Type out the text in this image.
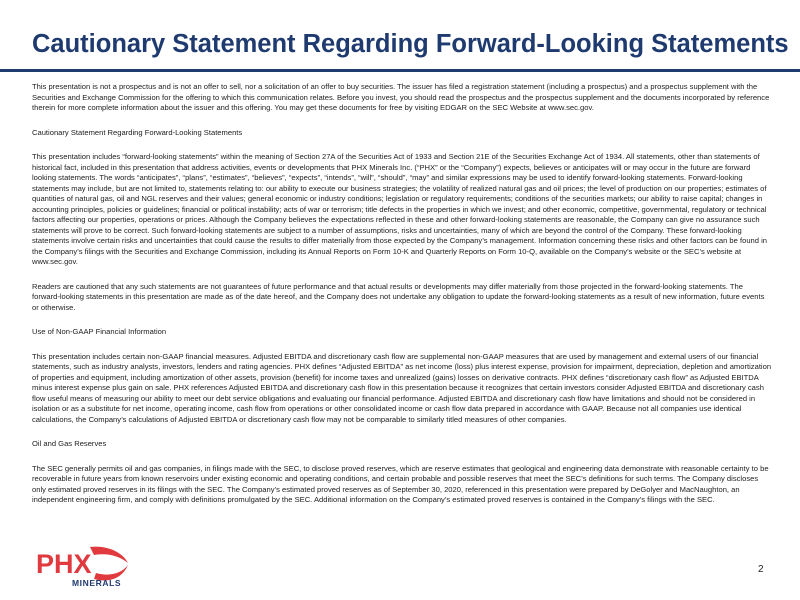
Cautionary Statement Regarding Forward-Looking Statements

This presentation is not a prospectus and is not an offer to sell, nor a solicitation of an offer to buy securities. The issuer has filed a registration statement (including a prospectus) and a prospectus supplement with the Securities and Exchange Commission for the offering to which this communication relates. Before you invest, you should read the prospectus and the prospectus supplement and the documents incorporated by reference therein for more complete information about the issuer and this offering. You may get these documents for free by visiting EDGAR on the SEC Website at www.sec.gov.

Cautionary Statement Regarding Forward-Looking Statements

This presentation includes “forward-looking statements” within the meaning of Section 27A of the Securities Act of 1933 and Section 21E of the Securities Exchange Act of 1934. All statements, other than statements of historical fact, included in this presentation that address activities, events or developments that PHX Minerals Inc. (“PHX” or the “Company”) expects, believes or anticipates will or may occur in the future are forward looking statements. The words “anticipates”, “plans”, “estimates”, “believes”, “expects”, “intends”, “will”, “should”, “may” and similar expressions may be used to identify forward-looking statements. Forward-looking statements may include, but are not limited to, statements relating to: our ability to execute our business strategies; the volatility of realized natural gas and oil prices; the level of production on our properties; estimates of quantities of natural gas, oil and NGL reserves and their values; general economic or industry conditions; legislation or regulatory requirements; conditions of the securities markets; our ability to raise capital; changes in accounting principles, policies or guidelines; financial or political instability; acts of war or terrorism; title defects in the properties in which we invest; and other economic, competitive, governmental, regulatory or technical factors affecting our properties, operations or prices. Although the Company believes the expectations reflected in these and other forward-looking statements are reasonable, the Company can give no assurance such statements will prove to be correct. Such forward-looking statements are subject to a number of assumptions, risks and uncertainties, many of which are beyond the control of the Company. These forward-looking statements involve certain risks and uncertainties that could cause the results to differ materially from those expected by the Company’s management. Information concerning these risks and other factors can be found in the Company’s filings with the Securities and Exchange Commission, including its Annual Reports on Form 10-K and Quarterly Reports on Form 10-Q, available on the Company’s website or the SEC’s website at www.sec.gov.

Readers are cautioned that any such statements are not guarantees of future performance and that actual results or developments may differ materially from those projected in the forward-looking statements. The forward-looking statements in this presentation are made as of the date hereof, and the Company does not undertake any obligation to update the forward-looking statements as a result of new information, future events or otherwise.

Use of Non-GAAP Financial Information

This presentation includes certain non-GAAP financial measures. Adjusted EBITDA and discretionary cash flow are supplemental non-GAAP measures that are used by management and external users of our financial statements, such as industry analysts, investors, lenders and rating agencies. PHX defines “Adjusted EBITDA” as net income (loss) plus interest expense, provision for impairment, depreciation, depletion and amortization of properties and equipment, including amortization of other assets, provision (benefit) for income taxes and unrealized (gains) losses on derivative contracts. PHX defines “discretionary cash flow” as Adjusted EBITDA minus interest expense plus gain on sale. PHX references Adjusted EBITDA and discretionary cash flow in this presentation because it recognizes that certain investors consider Adjusted EBITDA and discretionary cash flow useful means of measuring our ability to meet our debt service obligations and evaluating our financial performance. Adjusted EBITDA and discretionary cash flow have limitations and should not be considered in isolation or as a substitute for net income, operating income, cash flow from operations or other consolidated income or cash flow data prepared in accordance with GAAP. Because not all companies use identical calculations, the Company’s calculations of Adjusted EBITDA or discretionary cash flow may not be comparable to similarly titled measures of other companies.

Oil and Gas Reserves

The SEC generally permits oil and gas companies, in filings made with the SEC, to disclose proved reserves, which are reserve estimates that geological and engineering data demonstrate with reasonable certainty to be recoverable in future years from known reservoirs under existing economic and operating conditions, and certain probable and possible reserves that meet the SEC’s definitions for such terms. The Company discloses only estimated proved reserves in its filings with the SEC. The Company’s estimated proved reserves as of September 30, 2020, referenced in this presentation were prepared by DeGolyer and MacNaughton, an independent engineering firm, and comply with definitions promulgated by the SEC. Additional information on the Company’s estimated proved reserves is contained in the Company’s filings with the SEC.

PHX
MINERALS
2
